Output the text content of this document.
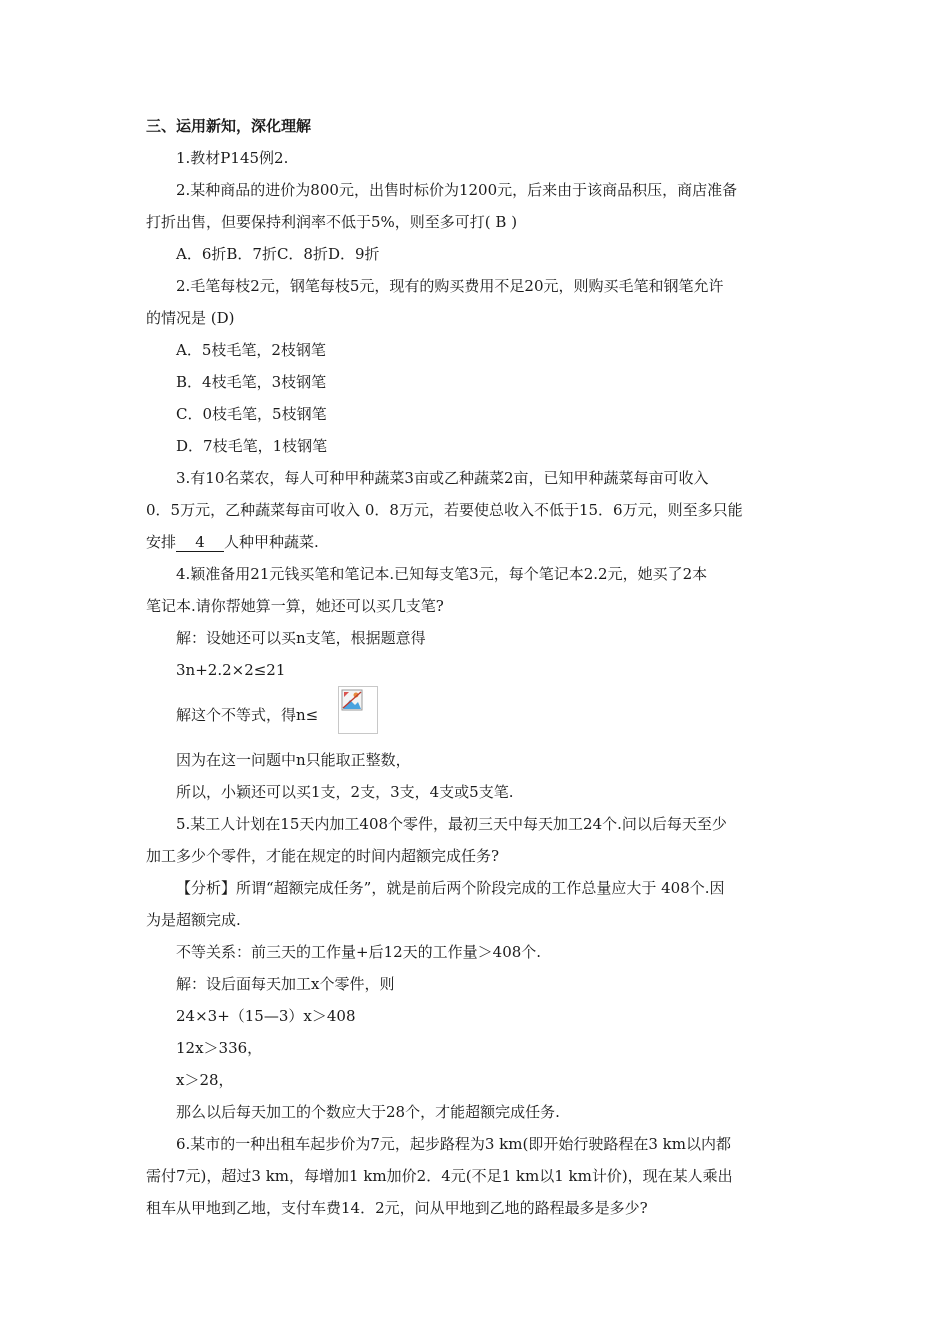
三、运用新知，深化理解
1.教材P145例2.
2.某种商品的进价为800元，出售时标价为1200元，后来由于该商品积压，商店准备
打折出售，但要保持利润率不低于5%，则至多可打( B )
A．6折B．7折C．8折D．9折
2.毛笔每枝2元，钢笔每枝5元，现有的购买费用不足20元，则购买毛笔和钢笔允许
的情况是 (D)
A．5枝毛笔，2枝钢笔
B．4枝毛笔，3枝钢笔
C．0枝毛笔，5枝钢笔
D．7枝毛笔，1枝钢笔
3.有10名菜农，每人可种甲种蔬菜3亩或乙种蔬菜2亩，已知甲种蔬菜每亩可收入
0．5万元，乙种蔬菜每亩可收入 0．8万元，若要使总收入不低于15．6万元，则至多只能
安排 4 人种甲种蔬菜.
4.颖准备用21元钱买笔和笔记本.已知每支笔3元，每个笔记本2.2元，她买了2本
笔记本.请你帮她算一算，她还可以买几支笔?
解：设她还可以买n支笔，根据题意得
3n+2.2×2≤21
解这个不等式，得n≤
因为在这一问题中n只能取正整数，
所以，小颖还可以买1支，2支，3支，4支或5支笔.
5.某工人计划在15天内加工408个零件，最初三天中每天加工24个.问以后每天至少
加工多少个零件，才能在规定的时间内超额完成任务?
【分析】所谓“超额完成任务”，就是前后两个阶段完成的工作总量应大于 408个.因
为是超额完成.
不等关系：前三天的工作量+后12天的工作量＞408个.
解：设后面每天加工x个零件，则
24×3+（15—3）x＞408
12x＞336，
x＞28，
那么以后每天加工的个数应大于28个，才能超额完成任务.
6.某市的一种出租车起步价为7元，起步路程为3 km(即开始行驶路程在3 km以内都
需付7元)，超过3 km，每增加1 km加价2．4元(不足1 km以1 km计价)，现在某人乘出
租车从甲地到乙地，支付车费14．2元，问从甲地到乙地的路程最多是多少?
